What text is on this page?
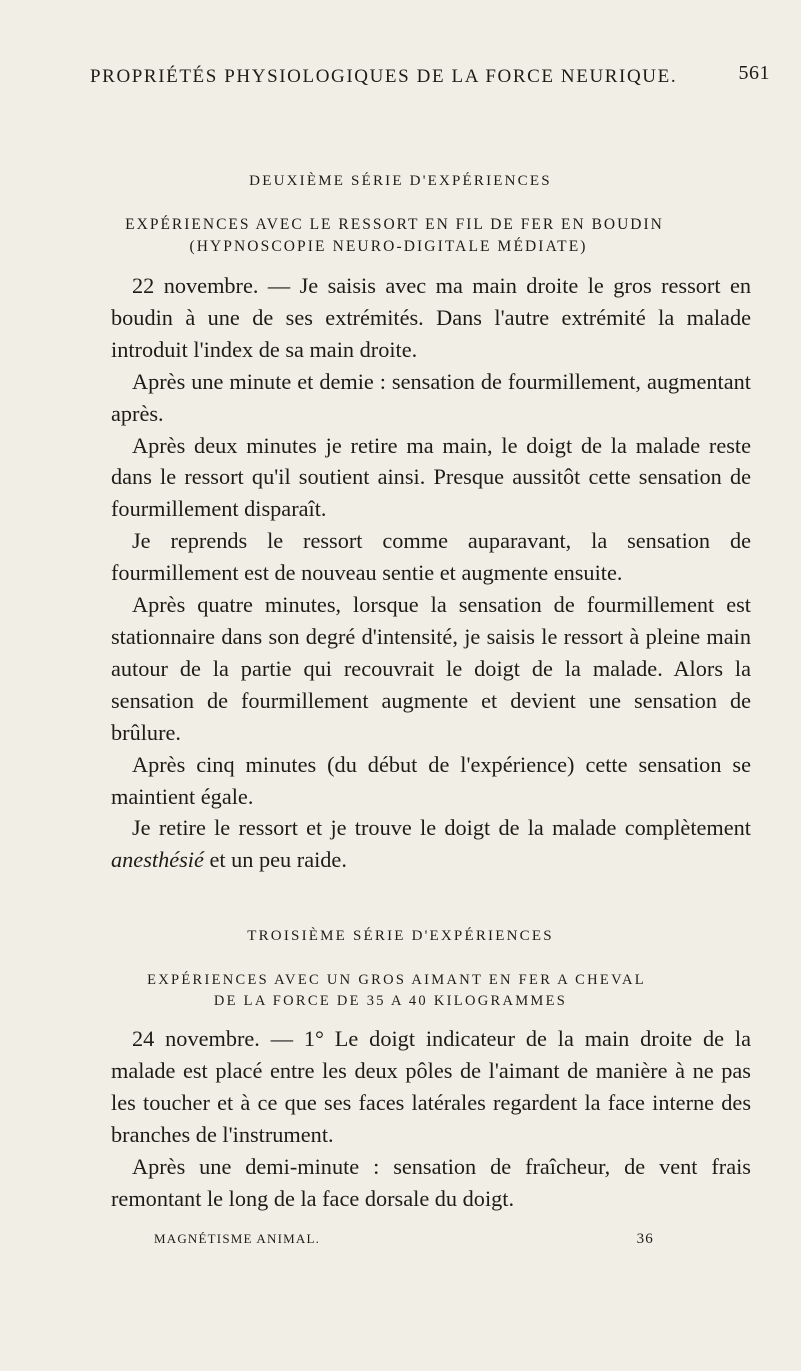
PROPRIÉTÉS PHYSIOLOGIQUES DE LA FORCE NEURIQUE.	561
DEUXIÈME SÉRIE D'EXPÉRIENCES
EXPÉRIENCES AVEC LE RESSORT EN FIL DE FER EN BOUDIN
(HYPNOSCOPIE NEURO-DIGITALE MÉDIATE)

22 novembre. — Je saisis avec ma main droite le gros ressort en boudin à une de ses extrémités. Dans l'autre extrémité la malade introduit l'index de sa main droite.

Après une minute et demie : sensation de fourmillement, augmentant après.

Après deux minutes je retire ma main, le doigt de la malade reste dans le ressort qu'il soutient ainsi. Presque aussitôt cette sensation de fourmillement disparaît.

Je reprends le ressort comme auparavant, la sensation de fourmillement est de nouveau sentie et augmente ensuite.

Après quatre minutes, lorsque la sensation de fourmillement est stationnaire dans son degré d'intensité, je saisis le ressort à pleine main autour de la partie qui recouvrait le doigt de la malade. Alors la sensation de fourmillement augmente et devient une sensation de brûlure.

Après cinq minutes (du début de l'expérience) cette sensation se maintient égale.

Je retire le ressort et je trouve le doigt de la malade complètement anesthésié et un peu raide.

TROISIÈME SÉRIE D'EXPÉRIENCES
EXPÉRIENCES AVEC UN GROS AIMANT EN FER A CHEVAL
DE LA FORCE DE 35 A 40 KILOGRAMMES

24 novembre. — 1° Le doigt indicateur de la main droite de la malade est placé entre les deux pôles de l'aimant de manière à ne pas les toucher et à ce que ses faces latérales regardent la face interne des branches de l'instrument.

Après une demi-minute : sensation de fraîcheur, de vent frais remontant le long de la face dorsale du doigt.

MAGNÉTISME ANIMAL.	36
